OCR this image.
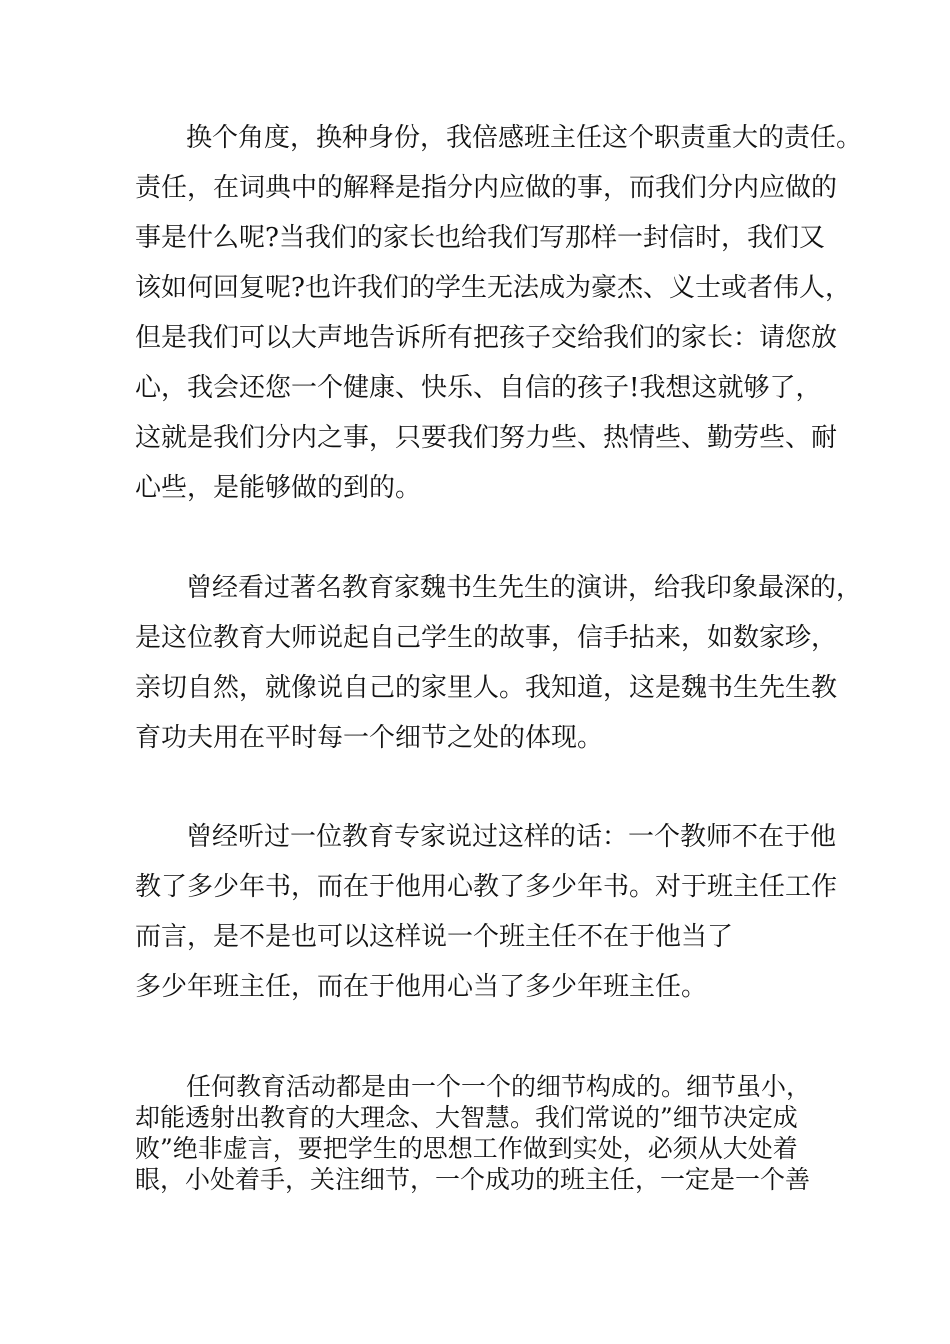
换个角度，换种身份，我倍感班主任这个职责重大的责任。
责任，在词典中的解释是指分内应做的事，而我们分内应做的
事是什么呢?当我们的家长也给我们写那样一封信时，我们又
该如何回复呢?也许我们的学生无法成为豪杰、义士或者伟人，
但是我们可以大声地告诉所有把孩子交给我们的家长：请您放
心，我会还您一个健康、快乐、自信的孩子!我想这就够了，
这就是我们分内之事，只要我们努力些、热情些、勤劳些、耐
心些，是能够做的到的。
曾经看过著名教育家魏书生先生的演讲，给我印象最深的，
是这位教育大师说起自己学生的故事，信手拈来，如数家珍，
亲切自然，就像说自己的家里人。我知道，这是魏书生先生教
育功夫用在平时每一个细节之处的体现。
曾经听过一位教育专家说过这样的话：一个教师不在于他
教了多少年书，而在于他用心教了多少年书。对于班主任工作
而言，是不是也可以这样说一个班主任不在于他当了
多少年班主任，而在于他用心当了多少年班主任。
任何教育活动都是由一个一个的细节构成的。细节虽小，
却能透射出教育的大理念、大智慧。我们常说的”细节决定成
败”绝非虚言，要把学生的思想工作做到实处，必须从大处着
眼，小处着手，关注细节，一个成功的班主任，一定是一个善
